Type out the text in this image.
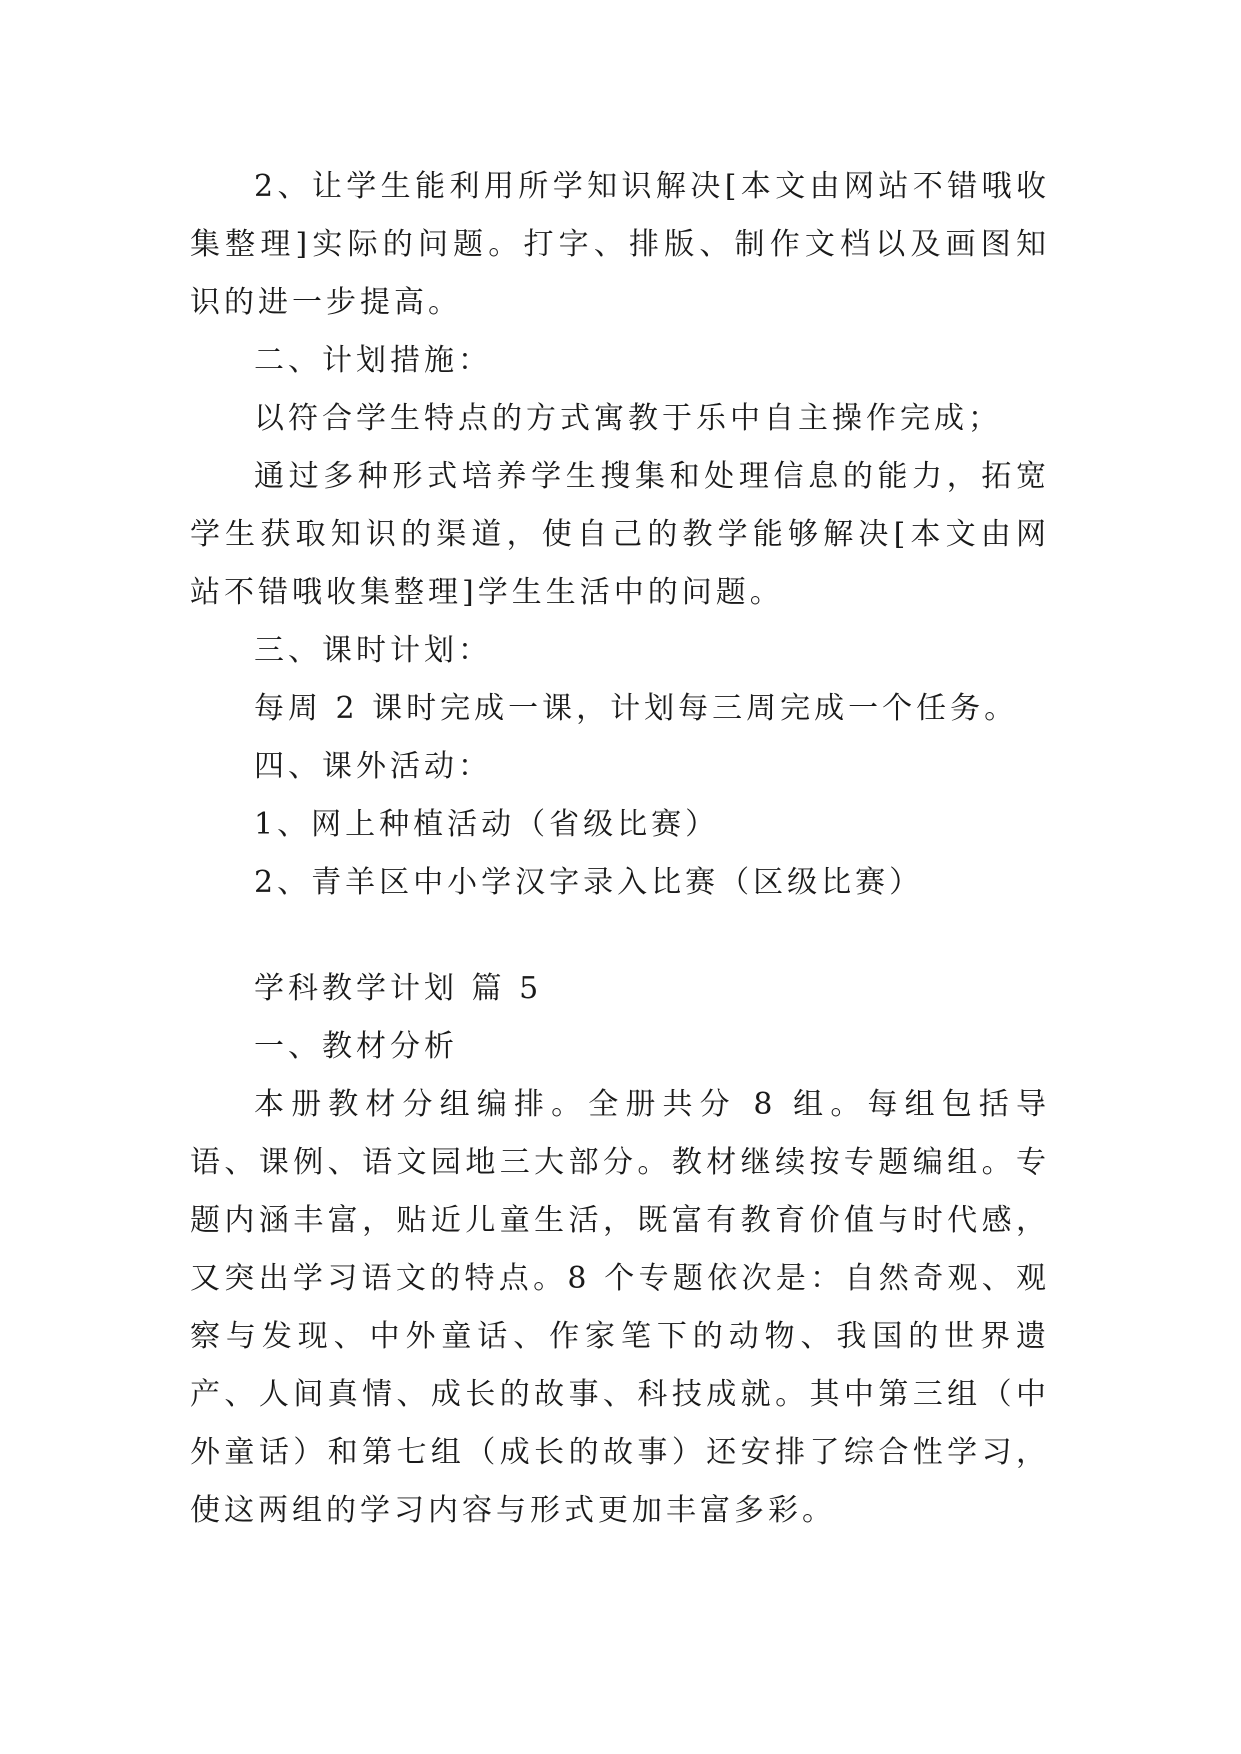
2、让学生能利用所学知识解决[本文由网站不错哦收集整理]实际的问题。打字、排版、制作文档以及画图知识的进一步提高。

二、计划措施：

以符合学生特点的方式寓教于乐中自主操作完成；

通过多种形式培养学生搜集和处理信息的能力，拓宽学生获取知识的渠道，使自己的教学能够解决[本文由网站不错哦收集整理]学生生活中的问题。

三、课时计划：

每周 2 课时完成一课，计划每三周完成一个任务。

四、课外活动：

1、网上种植活动（省级比赛）

2、青羊区中小学汉字录入比赛（区级比赛）

学科教学计划 篇 5

一、教材分析

本册教材分组编排。全册共分 8 组。每组包括导语、课例、语文园地三大部分。教材继续按专题编组。专题内涵丰富，贴近儿童生活，既富有教育价值与时代感，又突出学习语文的特点。8 个专题依次是：自然奇观、观察与发现、中外童话、作家笔下的动物、我国的世界遗产、人间真情、成长的故事、科技成就。其中第三组（中外童话）和第七组（成长的故事）还安排了综合性学习，使这两组的学习内容与形式更加丰富多彩。
